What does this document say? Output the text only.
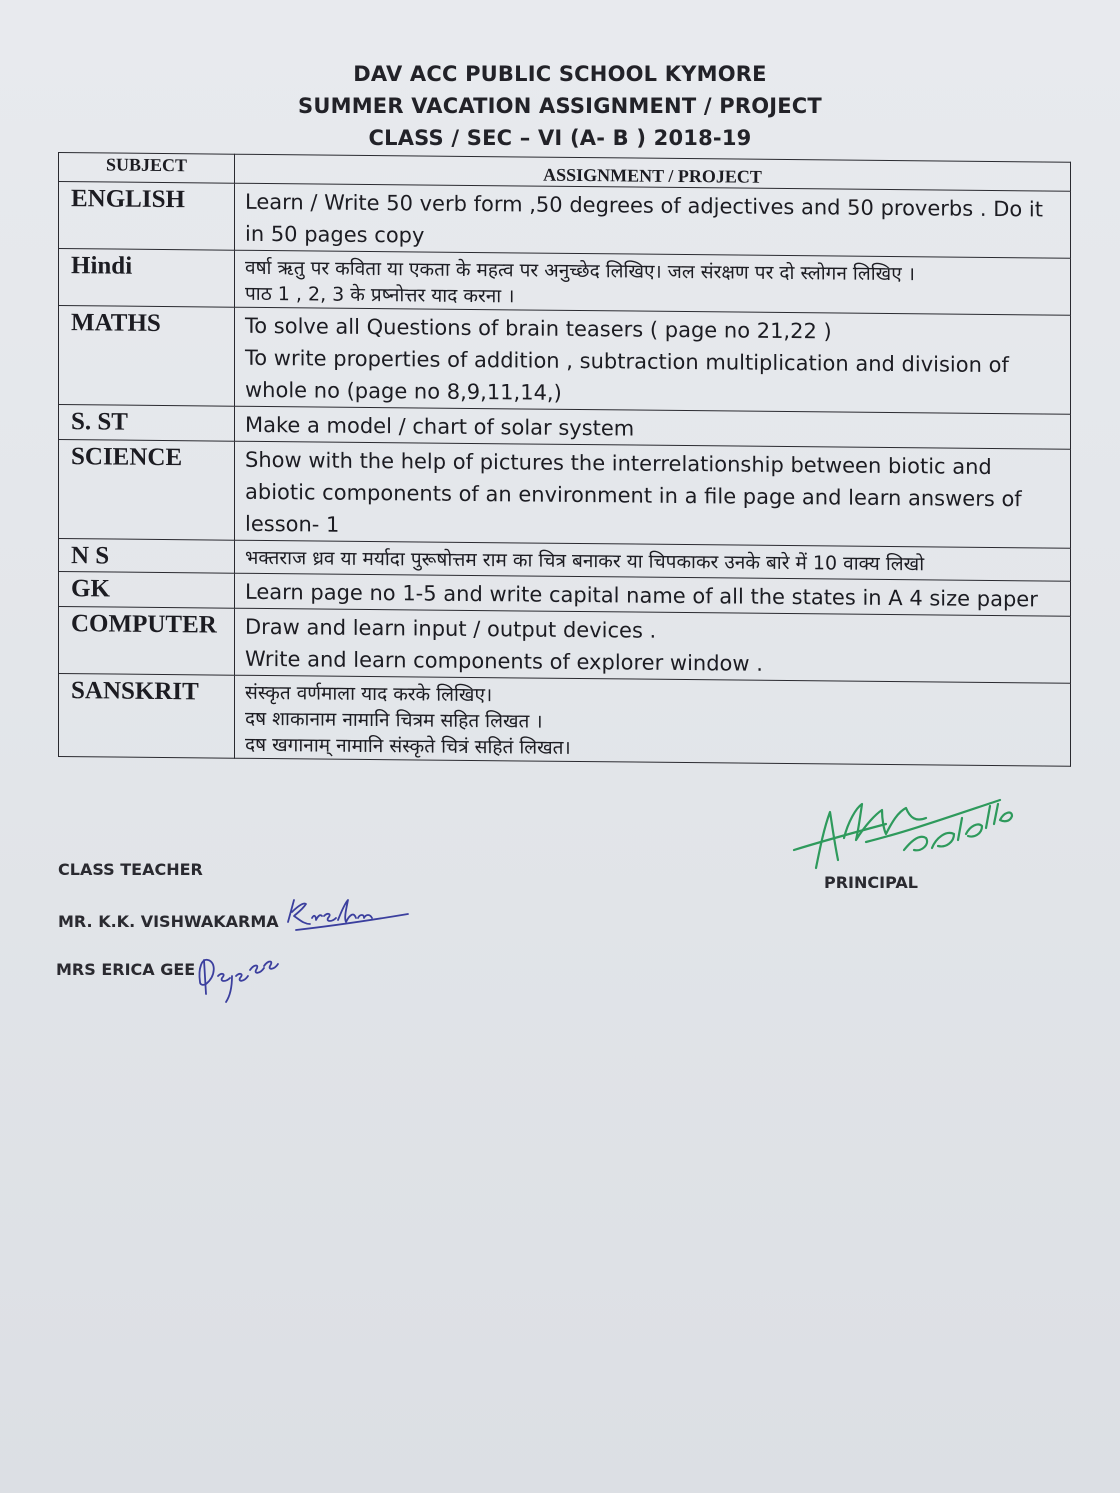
DAV ACC PUBLIC SCHOOL KYMORE
SUMMER VACATION ASSIGNMENT / PROJECT
CLASS / SEC – VI (A- B ) 2018-19
SUBJECT	ASSIGNMENT / PROJECT
ENGLISH	Learn / Write 50 verb form ,50 degrees of adjectives and 50 proverbs . Do it in 50 pages copy

Hindi	वर्षा ऋतु पर कविता या एकता के महत्व पर अनुच्छेद लिखिए। जल संरक्षण पर दो स्लोगन लिखिए ।
पाठ 1 , 2, 3 के प्रष्नोत्तर याद करना ।

MATHS	To solve all Questions of brain teasers ( page no 21,22 )
To write properties of addition , subtraction multiplication and division of whole no (page no 8,9,11,14,)

S. ST	Make a model / chart of solar system

SCIENCE	Show with the help of pictures the interrelationship between biotic and abiotic components of an environment in a file page and learn answers of lesson- 1

N S	भक्तराज ध्रव या मर्यादा पुरूषोत्तम राम का चित्र बनाकर या चिपकाकर उनके बारे में 10 वाक्य लिखो

GK	Learn page no 1-5 and write capital name of all the states in A 4 size paper

COMPUTER	Draw and learn input / output devices .
Write and learn components of explorer window .

SANSKRIT	संस्कृत वर्णमाला याद करके लिखिए।
दष शाकानाम नामानि चित्रम सहित लिखत ।
दष खगानाम् नामानि संस्कृते चित्रं सहितं लिखत।
CLASS TEACHER
MR. K.K. VISHWAKARMA
MRS ERICA GEE
PRINCIPAL
